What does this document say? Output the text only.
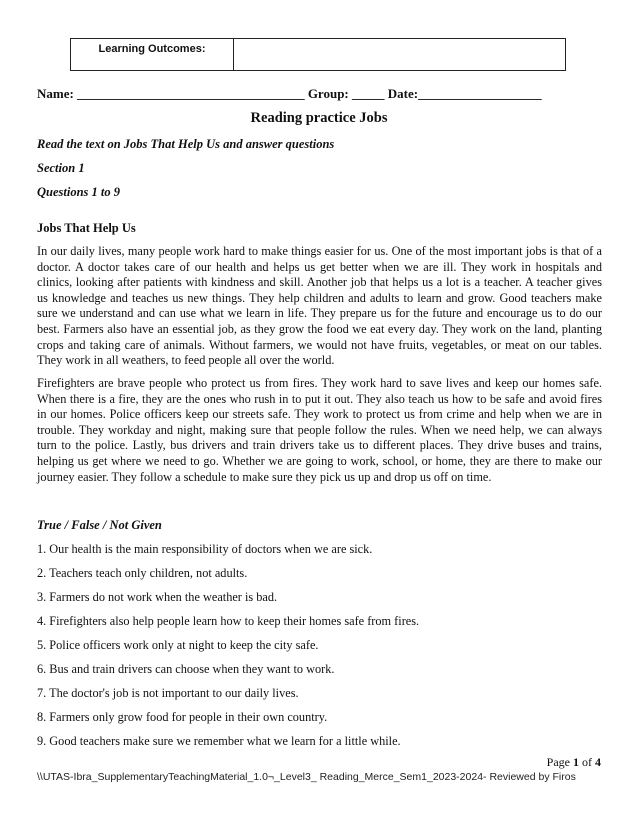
Learning Outcomes:
Name: ___________________________________ Group: _____ Date:___________________
Reading practice Jobs
Read the text on Jobs That Help Us and answer questions
Section 1
Questions 1 to 9
Jobs That Help Us

In our daily lives, many people work hard to make things easier for us. One of the most important jobs is that of a doctor. A doctor takes care of our health and helps us get better when we are ill. They work in hospitals and clinics, looking after patients with kindness and skill. Another job that helps us a lot is a teacher. A teacher gives us knowledge and teaches us new things. They help children and adults to learn and grow. Good teachers make sure we understand and can use what we learn in life. They prepare us for the future and encourage us to do our best. Farmers also have an essential job, as they grow the food we eat every day. They work on the land, planting crops and taking care of animals. Without farmers, we would not have fruits, vegetables, or meat on our tables. They work in all weathers, to feed people all over the world.

Firefighters are brave people who protect us from fires. They work hard to save lives and keep our homes safe. When there is a fire, they are the ones who rush in to put it out. They also teach us how to be safe and avoid fires in our homes. Police officers keep our streets safe. They work to protect us from crime and help when we are in trouble. They workday and night, making sure that people follow the rules. When we need help, we can always turn to the police. Lastly, bus drivers and train drivers take us to different places. They drive buses and trains, helping us get where we need to go. Whether we are going to work, school, or home, they are there to make our journey easier. They follow a schedule to make sure they pick us up and drop us off on time.

True / False / Not Given
1. Our health is the main responsibility of doctors when we are sick.
2. Teachers teach only children, not adults.
3. Farmers do not work when the weather is bad.
4. Firefighters also help people learn how to keep their homes safe from fires.
5. Police officers work only at night to keep the city safe.
6. Bus and train drivers can choose when they want to work.
7. The doctor's job is not important to our daily lives.
8. Farmers only grow food for people in their own country.
9. Good teachers make sure we remember what we learn for a little while.
Page 1 of 4
\\UTAS-Ibra_SupplementaryTeachingMaterial_1.0¬_Level3_ Reading_Merce_Sem1_2023-2024- Reviewed by Firos
